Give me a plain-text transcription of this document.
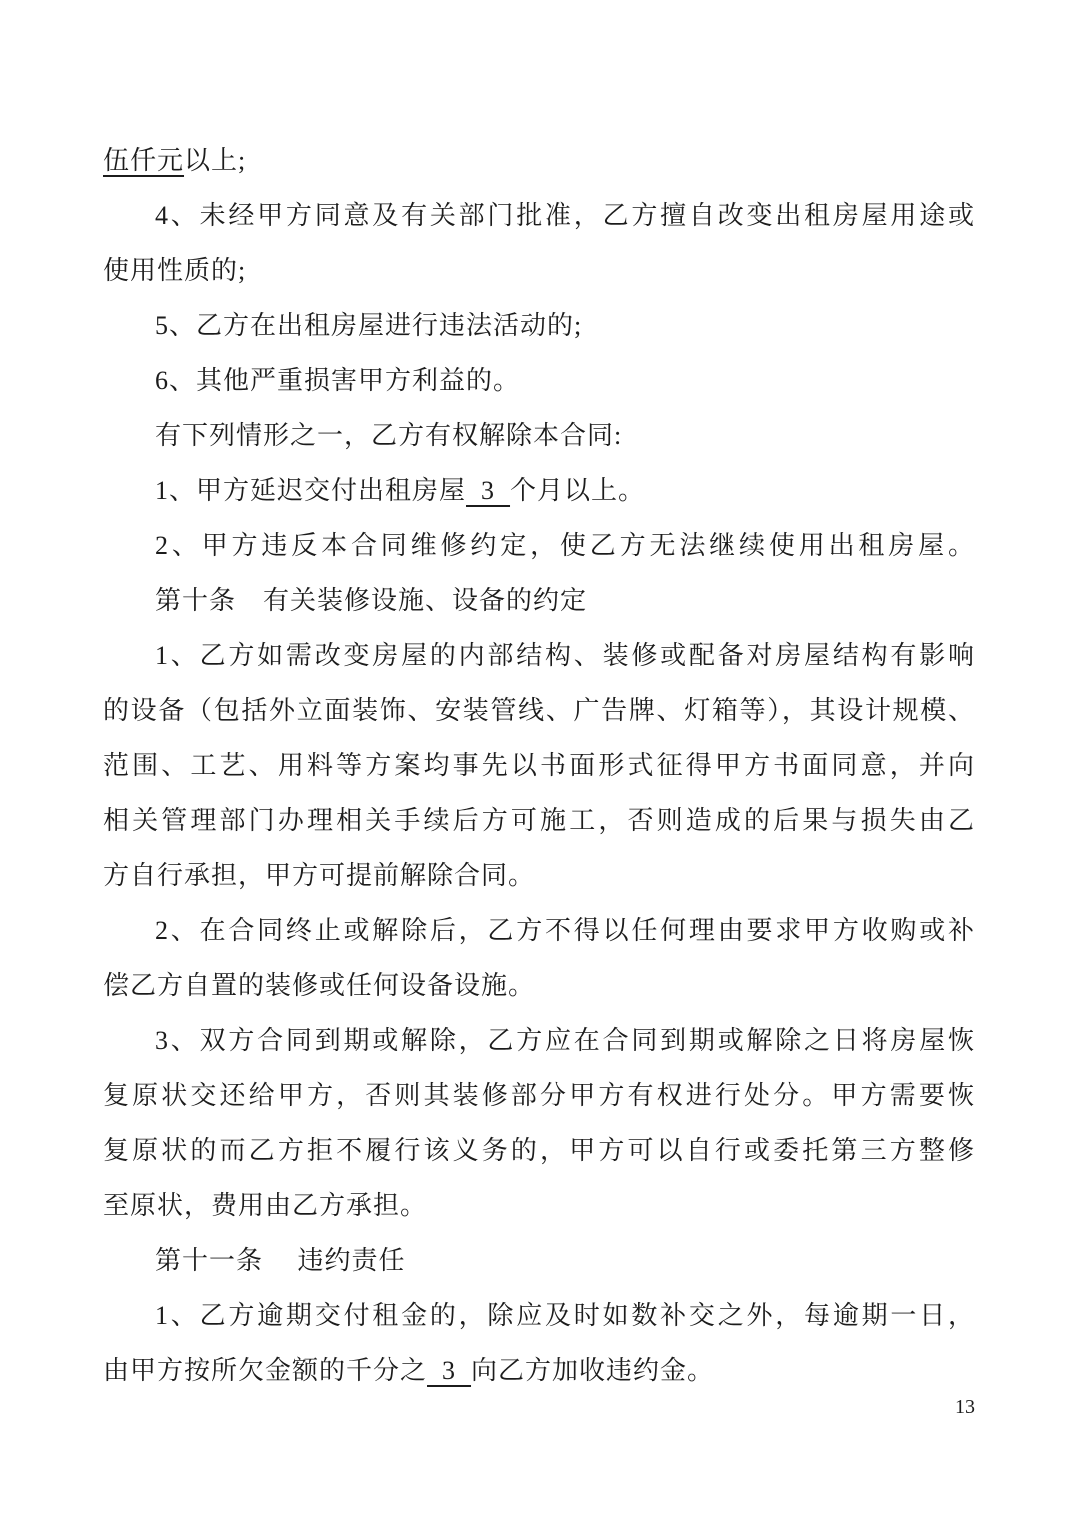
伍仟元以上;
4、未经甲方同意及有关部门批准，乙方擅自改变出租房屋用途或
使用性质的;
5、乙方在出租房屋进行违法活动的;
6、其他严重损害甲方利益的。
有下列情形之一，乙方有权解除本合同:
1、甲方延迟交付出租房屋  3  个月以上。
2、甲方违反本合同维修约定，使乙方无法继续使用出租房屋。
第十条　有关装修设施、设备的约定
1、乙方如需改变房屋的内部结构、装修或配备对房屋结构有影响
的设备（包括外立面装饰、安装管线、广告牌、灯箱等），其设计规模、
范围、工艺、用料等方案均事先以书面形式征得甲方书面同意，并向
相关管理部门办理相关手续后方可施工，否则造成的后果与损失由乙
方自行承担，甲方可提前解除合同。
2、在合同终止或解除后，乙方不得以任何理由要求甲方收购或补
偿乙方自置的装修或任何设备设施。
3、双方合同到期或解除，乙方应在合同到期或解除之日将房屋恢
复原状交还给甲方，否则其装修部分甲方有权进行处分。甲方需要恢
复原状的而乙方拒不履行该义务的，甲方可以自行或委托第三方整修
至原状，费用由乙方承担。
第十一条　 违约责任
1、乙方逾期交付租金的，除应及时如数补交之外，每逾期一日，
由甲方按所欠金额的千分之  3  向乙方加收违约金。
13
